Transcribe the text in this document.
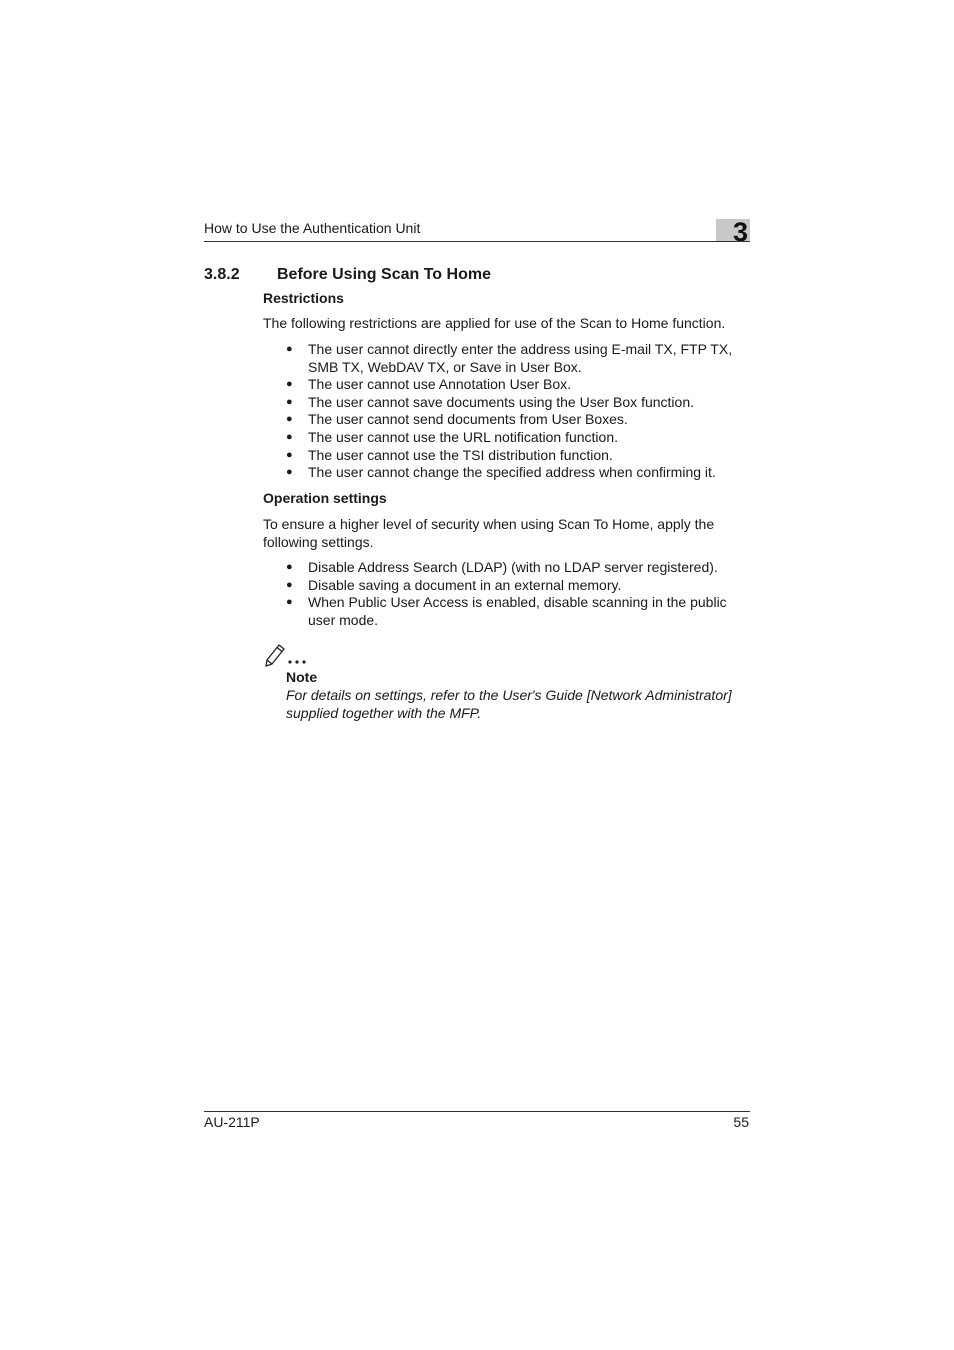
How to Use the Authentication Unit	3
3.8.2 Before Using Scan To Home
Restrictions
The following restrictions are applied for use of the Scan to Home function.
● The user cannot directly enter the address using E-mail TX, FTP TX, SMB TX, WebDAV TX, or Save in User Box.
● The user cannot use Annotation User Box.
● The user cannot save documents using the User Box function.
● The user cannot send documents from User Boxes.
● The user cannot use the URL notification function.
● The user cannot use the TSI distribution function.
● The user cannot change the specified address when confirming it.
Operation settings
To ensure a higher level of security when using Scan To Home, apply the following settings.
● Disable Address Search (LDAP) (with no LDAP server registered).
● Disable saving a document in an external memory.
● When Public User Access is enabled, disable scanning in the public user mode.
Note
For details on settings, refer to the User's Guide [Network Administrator] supplied together with the MFP.
AU-211P	55
